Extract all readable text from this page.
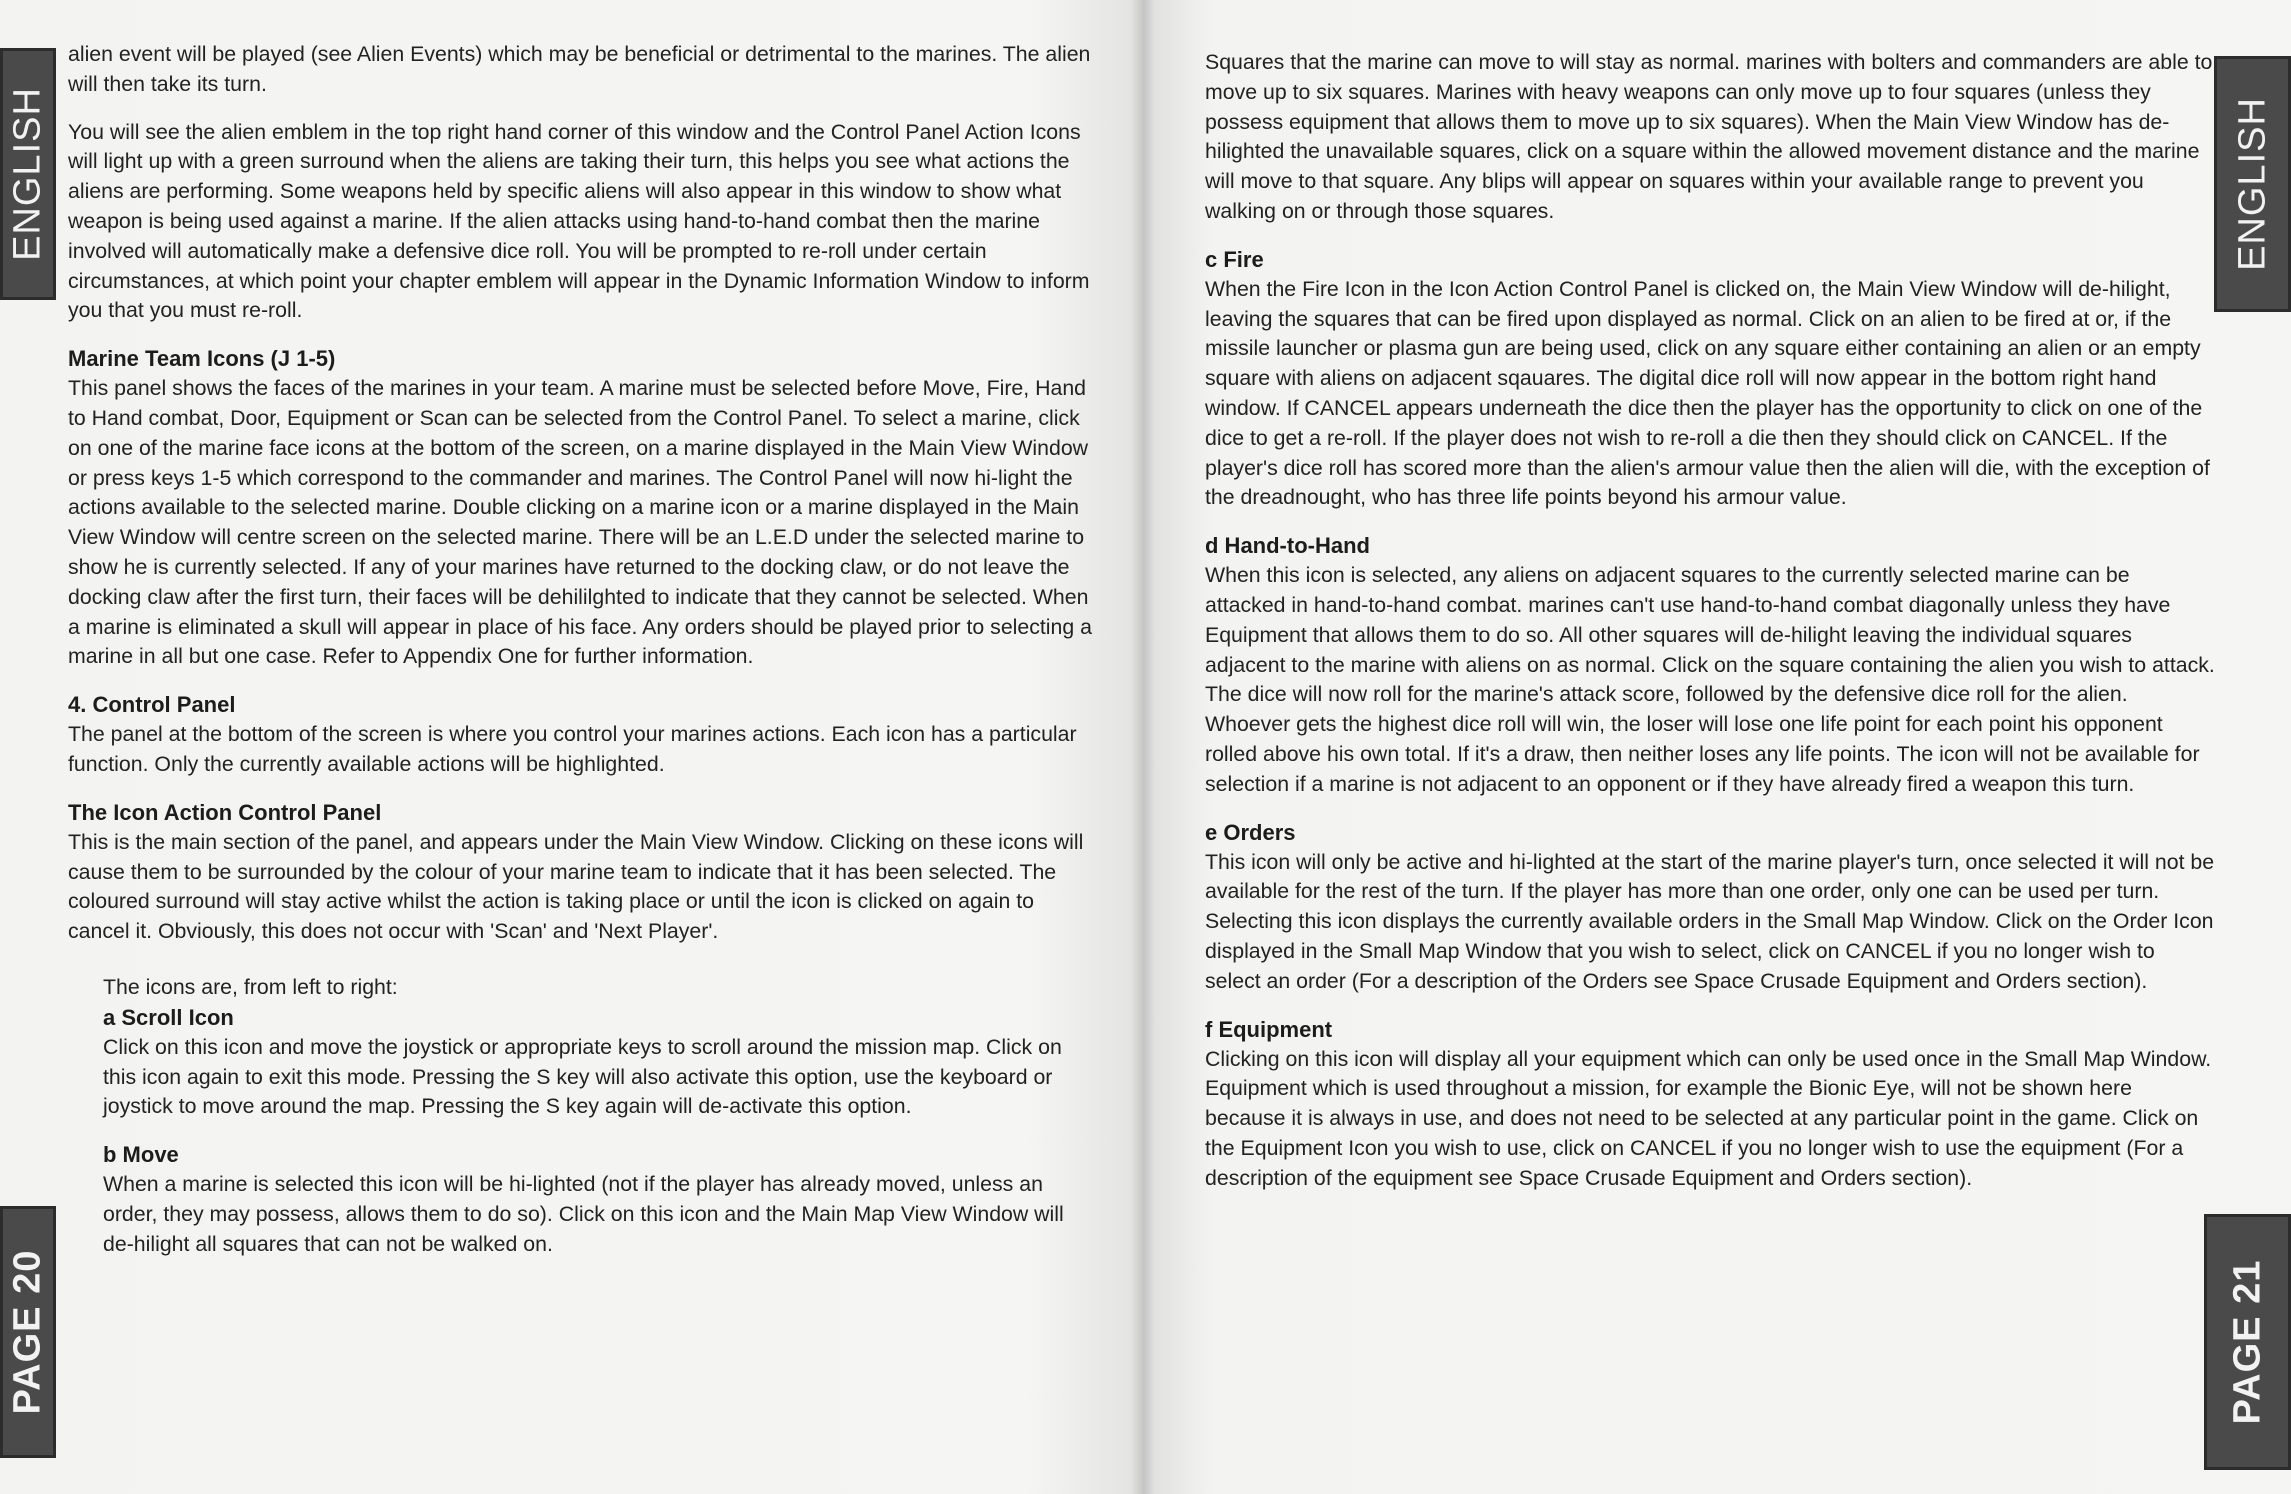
ENGLISH
PAGE 20

alien event will be played (see Alien Events) which may be beneficial or detrimental to the marines. The alien will then take its turn.

You will see the alien emblem in the top right hand corner of this window and the Control Panel Action Icons will light up with a green surround when the aliens are taking their turn, this helps you see what actions the aliens are performing. Some weapons held by specific aliens will also appear in this window to show what weapon is being used against a marine. If the alien attacks using hand-to-hand combat then the marine involved will automatically make a defensive dice roll. You will be prompted to re-roll under certain circumstances, at which point your chapter emblem will appear in the Dynamic Information Window to inform you that you must re-roll.

Marine Team Icons (J 1-5)
This panel shows the faces of the marines in your team. A marine must be selected before Move, Fire, Hand to Hand combat, Door, Equipment or Scan can be selected from the Control Panel. To select a marine, click on one of the marine face icons at the bottom of the screen, on a marine displayed in the Main View Window or press keys 1-5 which correspond to the commander and marines. The Control Panel will now hi-light the actions available to the selected marine. Double clicking on a marine icon or a marine displayed in the Main View Window will centre screen on the selected marine. There will be an L.E.D under the selected marine to show he is currently selected. If any of your marines have returned to the docking claw, or do not leave the docking claw after the first turn, their faces will be dehililghted to indicate that they cannot be selected. When a marine is eliminated a skull will appear in place of his face. Any orders should be played prior to selecting a marine in all but one case. Refer to Appendix One for further information.
4. Control Panel
The panel at the bottom of the screen is where you control your marines actions. Each icon has a particular function. Only the currently available actions will be highlighted.
The Icon Action Control Panel
This is the main section of the panel, and appears under the Main View Window. Clicking on these icons will cause them to be surrounded by the colour of your marine team to indicate that it has been selected. The coloured surround will stay active whilst the action is taking place or until the icon is clicked on again to cancel it. Obviously, this does not occur with 'Scan' and 'Next Player'.

The icons are, from left to right:

a Scroll Icon
Click on this icon and move the joystick or appropriate keys to scroll around the mission map. Click on this icon again to exit this mode. Pressing the S key will also activate this option, use the keyboard or joystick to move around the map. Pressing the S key again will de-activate this option.
b Move
When a marine is selected this icon will be hi-lighted (not if the player has already moved, unless an order, they may possess, allows them to do so). Click on this icon and the Main Map View Window will de-hilight all squares that can not be walked on.

Squares that the marine can move to will stay as normal. marines with bolters and commanders are able to move up to six squares. Marines with heavy weapons can only move up to four squares (unless they possess equipment that allows them to move up to six squares). When the Main View Window has de-hilighted the unavailable squares, click on a square within the allowed movement distance and the marine will move to that square. Any blips will appear on squares within your available range to prevent you walking on or through those squares.

c Fire
When the Fire Icon in the Icon Action Control Panel is clicked on, the Main View Window will de-hilight, leaving the squares that can be fired upon displayed as normal. Click on an alien to be fired at or, if the missile launcher or plasma gun are being used, click on any square either containing an alien or an empty square with aliens on adjacent sqauares. The digital dice roll will now appear in the bottom right hand window. If CANCEL appears underneath the dice then the player has the opportunity to click on one of the dice to get a re-roll. If the player does not wish to re-roll a die then they should click on CANCEL. If the player's dice roll has scored more than the alien's armour value then the alien will die, with the exception of the dreadnought, who has three life points beyond his armour value.
d Hand-to-Hand
When this icon is selected, any aliens on adjacent squares to the currently selected marine can be attacked in hand-to-hand combat. marines can't use hand-to-hand combat diagonally unless they have Equipment that allows them to do so. All other squares will de-hilight leaving the individual squares adjacent to the marine with aliens on as normal. Click on the square containing the alien you wish to attack. The dice will now roll for the marine's attack score, followed by the defensive dice roll for the alien. Whoever gets the highest dice roll will win, the loser will lose one life point for each point his opponent rolled above his own total. If it's a draw, then neither loses any life points. The icon will not be available for selection if a marine is not adjacent to an opponent or if they have already fired a weapon this turn.
e Orders
This icon will only be active and hi-lighted at the start of the marine player's turn, once selected it will not be available for the rest of the turn. If the player has more than one order, only one can be used per turn. Selecting this icon displays the currently available orders in the Small Map Window. Click on the Order Icon displayed in the Small Map Window that you wish to select, click on CANCEL if you no longer wish to select an order (For a description of the Orders see Space Crusade Equipment and Orders section).
f Equipment
Clicking on this icon will display all your equipment which can only be used once in the Small Map Window. Equipment which is used throughout a mission, for example the Bionic Eye, will not be shown here because it is always in use, and does not need to be selected at any particular point in the game. Click on the Equipment Icon you wish to use, click on CANCEL if you no longer wish to use the equipment (For a description of the equipment see Space Crusade Equipment and Orders section).
ENGLISH
PAGE 21
